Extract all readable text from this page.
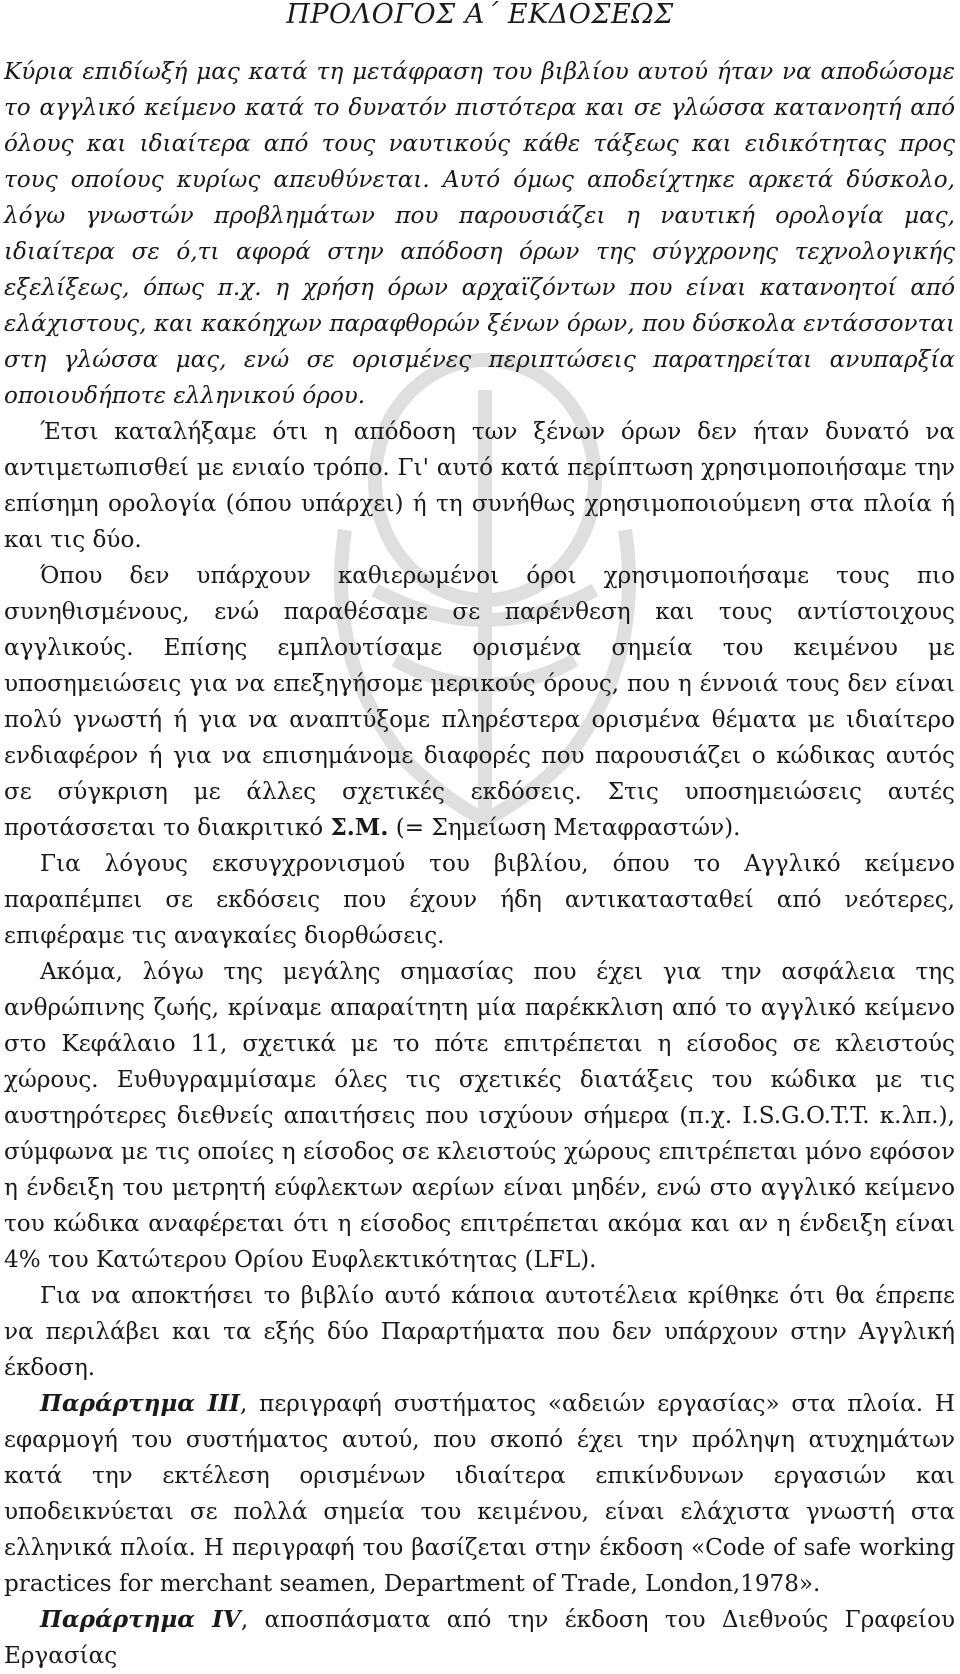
ΠΡΟΛΟΓΟΣ Α΄ ΕΚΔΟΣΕΩΣ

Κύρια επιδίωξή μας κατά τη μετάφραση του βιβλίου αυτού ήταν να αποδώσομε το αγγλικό κείμενο κατά το δυνατόν πιστότερα και σε γλώσσα κατανοητή από όλους και ιδιαίτερα από τους ναυτικούς κάθε τάξεως και ειδικότητας προς τους οποίους κυρίως απευθύνεται. Αυτό όμως αποδείχτηκε αρκετά δύσκολο, λόγω γνωστών προβλημάτων που παρουσιάζει η ναυτική ορολογία μας, ιδιαίτερα σε ό,τι αφορά στην απόδοση όρων της σύγχρονης τεχνολογικής εξελίξεως, όπως π.χ. η χρήση όρων αρχαϊζόντων που είναι κατανοητοί από ελάχιστους, και κακόηχων παραφθορών ξένων όρων, που δύσκολα εντάσσονται στη γλώσσα μας, ενώ σε ορισμένες περιπτώσεις παρατηρείται ανυπαρξία οποιουδήποτε ελληνικού όρου.

Έτσι καταλήξαμε ότι η απόδοση των ξένων όρων δεν ήταν δυνατό να αντιμετωπισθεί με ενιαίο τρόπο. Γι' αυτό κατά περίπτωση χρησιμοποιήσαμε την επίσημη ορολογία (όπου υπάρχει) ή τη συνήθως χρησιμοποιούμενη στα πλοία ή και τις δύο.

Όπου δεν υπάρχουν καθιερωμένοι όροι χρησιμοποιήσαμε τους πιο συνηθισμένους, ενώ παραθέσαμε σε παρένθεση και τους αντίστοιχους αγγλικούς. Επίσης εμπλουτίσαμε ορισμένα σημεία του κειμένου με υποσημειώσεις για να επεξηγήσομε μερικούς όρους, που η έννοιά τους δεν είναι πολύ γνωστή ή για να αναπτύξομε πληρέστερα ορισμένα θέματα με ιδιαίτερο ενδιαφέρον ή για να επισημάνομε διαφορές που παρουσιάζει ο κώδικας αυτός σε σύγκριση με άλλες σχετικές εκδόσεις. Στις υποσημειώσεις αυτές προτάσσεται το διακριτικό Σ.Μ. (= Σημείωση Μεταφραστών).

Για λόγους εκσυγχρονισμού του βιβλίου, όπου το Αγγλικό κείμενο παραπέμπει σε εκδόσεις που έχουν ήδη αντικατασταθεί από νεότερες, επιφέραμε τις αναγκαίες διορθώσεις.

Ακόμα, λόγω της μεγάλης σημασίας που έχει για την ασφάλεια της ανθρώπινης ζωής, κρίναμε απαραίτητη μία παρέκκλιση από το αγγλικό κείμενο στο Κεφάλαιο 11, σχετικά με το πότε επιτρέπεται η είσοδος σε κλειστούς χώρους. Ευθυγραμμίσαμε όλες τις σχετικές διατάξεις του κώδικα με τις αυστηρότερες διεθνείς απαιτήσεις που ισχύουν σήμερα (π.χ. I.S.G.O.T.T. κ.λπ.), σύμφωνα με τις οποίες η είσοδος σε κλειστούς χώρους επιτρέπεται μόνο εφόσον η ένδειξη του μετρητή εύφλεκτων αερίων είναι μηδέν, ενώ στο αγγλικό κείμενο του κώδικα αναφέρεται ότι η είσοδος επιτρέπεται ακόμα και αν η ένδειξη είναι 4% του Κατώτερου Ορίου Ευφλεκτικότητας (LFL).

Για να αποκτήσει το βιβλίο αυτό κάποια αυτοτέλεια κρίθηκε ότι θα έπρεπε να περιλάβει και τα εξής δύο Παραρτήματα που δεν υπάρχουν στην Αγγλική έκδοση.

Παράρτημα ΙΙΙ, περιγραφή συστήματος «αδειών εργασίας» στα πλοία. Η εφαρμογή του συστήματος αυτού, που σκοπό έχει την πρόληψη ατυχημάτων κατά την εκτέλεση ορισμένων ιδιαίτερα επικίνδυνων εργασιών και υποδεικνύεται σε πολλά σημεία του κειμένου, είναι ελάχιστα γνωστή στα ελληνικά πλοία. Η περιγραφή του βασίζεται στην έκδοση «Code of safe working practices for merchant seamen, Department of Trade, London,1978».

Παράρτημα IV, αποσπάσματα από την έκδοση του Διεθνούς Γραφείου Εργασίας
